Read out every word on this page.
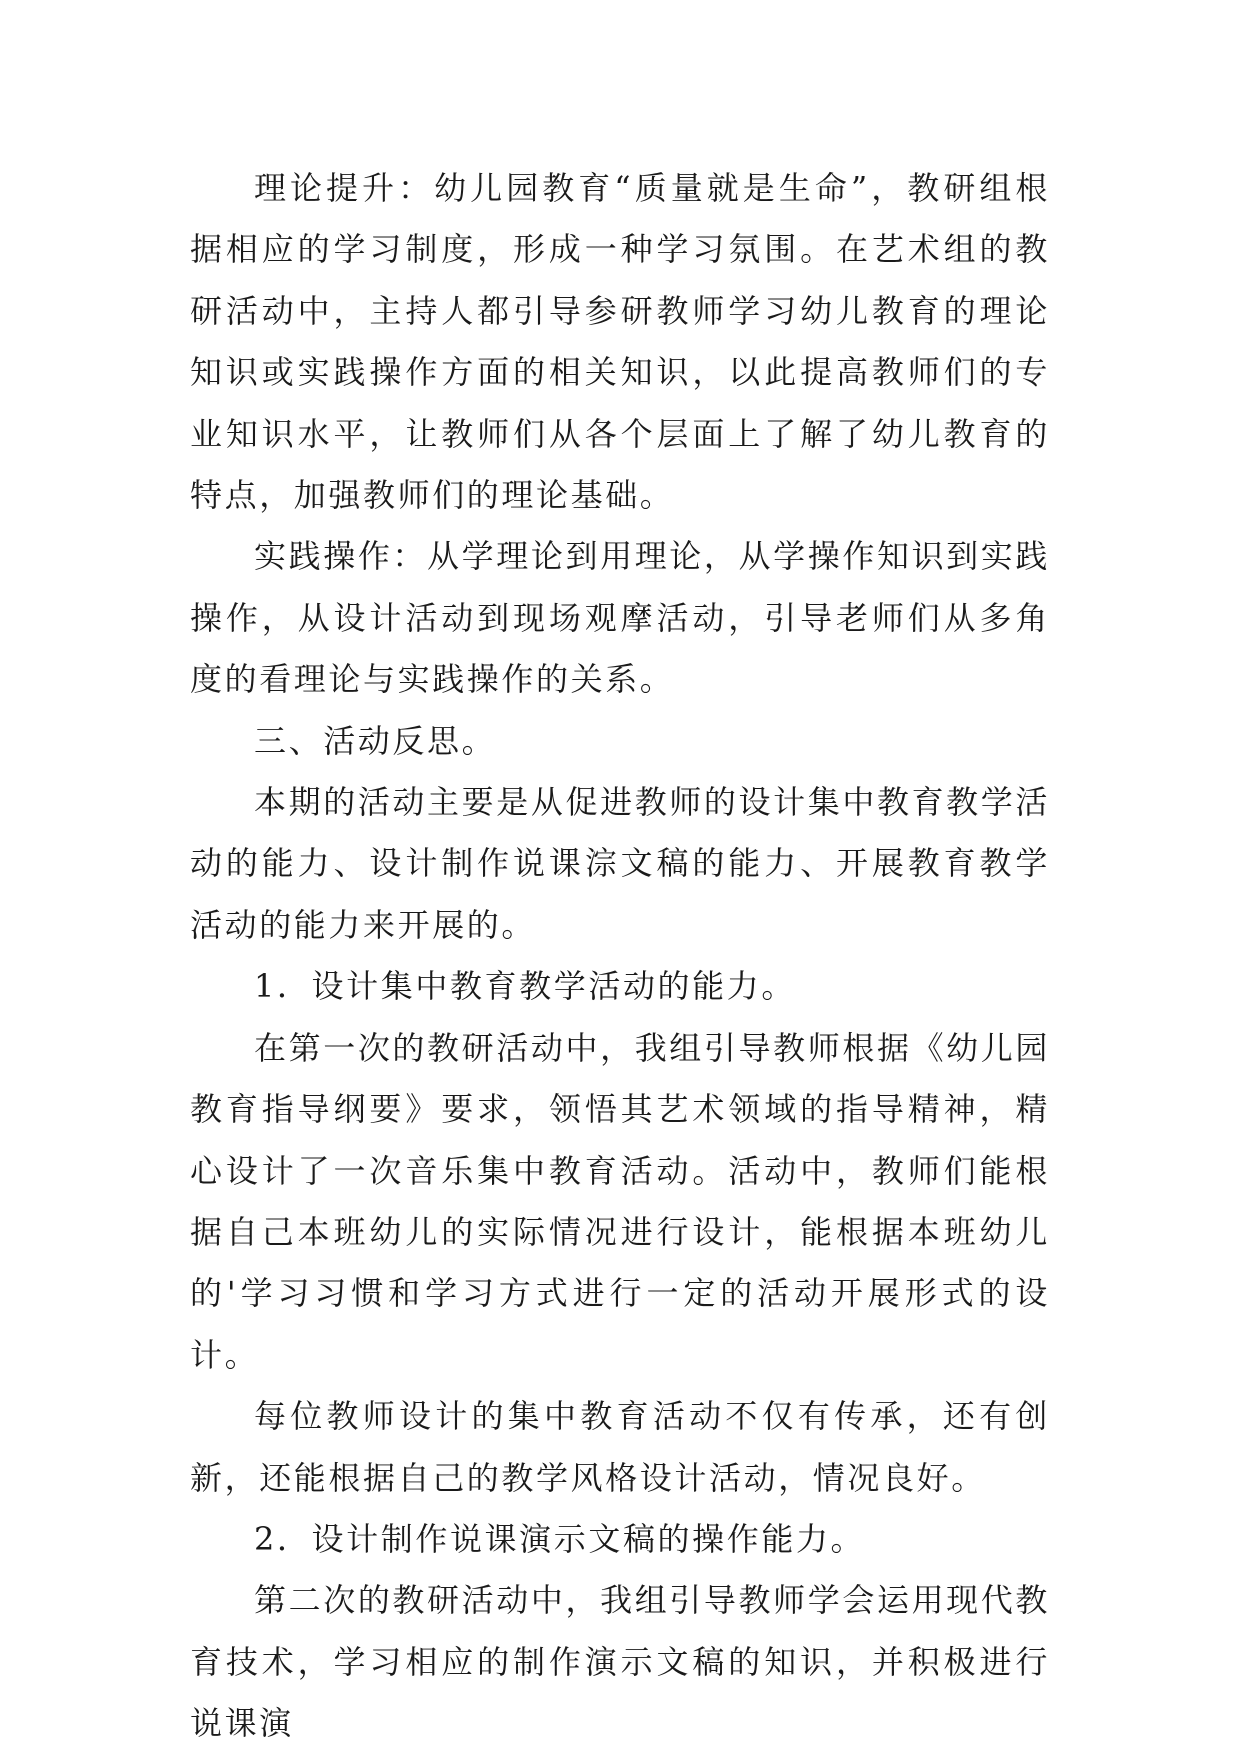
理论提升：幼儿园教育“质量就是生命”，教研组根据相应的学习制度，形成一种学习氛围。在艺术组的教研活动中，主持人都引导参研教师学习幼儿教育的理论知识或实践操作方面的相关知识，以此提高教师们的专业知识水平，让教师们从各个层面上了解了幼儿教育的特点，加强教师们的理论基础。

实践操作：从学理论到用理论，从学操作知识到实践操作，从设计活动到现场观摩活动，引导老师们从多角度的看理论与实践操作的关系。

三、活动反思。

本期的活动主要是从促进教师的设计集中教育教学活动的能力、设计制作说课淙文稿的能力、开展教育教学活动的能力来开展的。

1．设计集中教育教学活动的能力。

在第一次的教研活动中，我组引导教师根据《幼儿园教育指导纲要》要求，领悟其艺术领域的指导精神，精心设计了一次音乐集中教育活动。活动中，教师们能根据自己本班幼儿的实际情况进行设计，能根据本班幼儿的'学习习惯和学习方式进行一定的活动开展形式的设计。

每位教师设计的集中教育活动不仅有传承，还有创新，还能根据自己的教学风格设计活动，情况良好。

2．设计制作说课演示文稿的操作能力。

第二次的教研活动中，我组引导教师学会运用现代教育技术，学习相应的制作演示文稿的知识，并积极进行说课演
